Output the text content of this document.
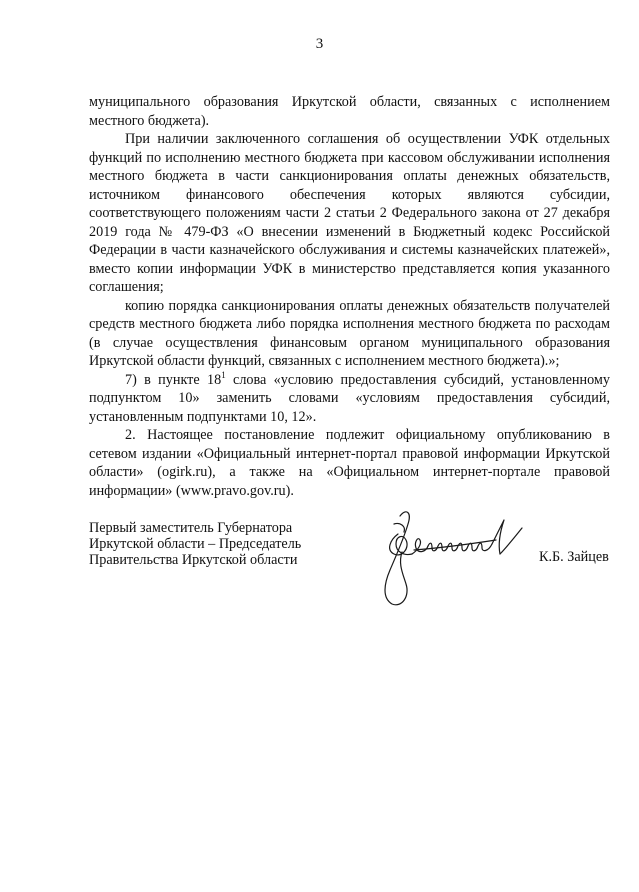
3

муниципального образования Иркутской области, связанных с исполнением местного бюджета).

При наличии заключенного соглашения об осуществлении УФК отдельных функций по исполнению местного бюджета при кассовом обслуживании исполнения местного бюджета в части санкционирования оплаты денежных обязательств, источником финансового обеспечения которых являются субсидии, соответствующего положениям части 2 статьи 2 Федерального закона от 27 декабря 2019 года № 479-ФЗ «О внесении изменений в Бюджетный кодекс Российской Федерации в части казначейского обслуживания и системы казначейских платежей», вместо копии информации УФК в министерство представляется копия указанного соглашения;

копию порядка санкционирования оплаты денежных обязательств получателей средств местного бюджета либо порядка исполнения местного бюджета по расходам (в случае осуществления финансовым органом муниципального образования Иркутской области функций, связанных с исполнением местного бюджета).»;

7) в пункте $18^1$ слова «условию предоставления субсидий, установленному подпунктом 10» заменить словами «условиям предоставления субсидий, установленным подпунктами 10, 12».

2. Настоящее постановление подлежит официальному опубликованию в сетевом издании «Официальный интернет-портал правовой информации Иркутской области» (ogirk.ru), а также на «Официальном интернет-портале правовой информации» (www.pravo.gov.ru).

Первый заместитель Губернатора
Иркутской области – Председатель
Правительства Иркутской области	К.Б. Зайцев
